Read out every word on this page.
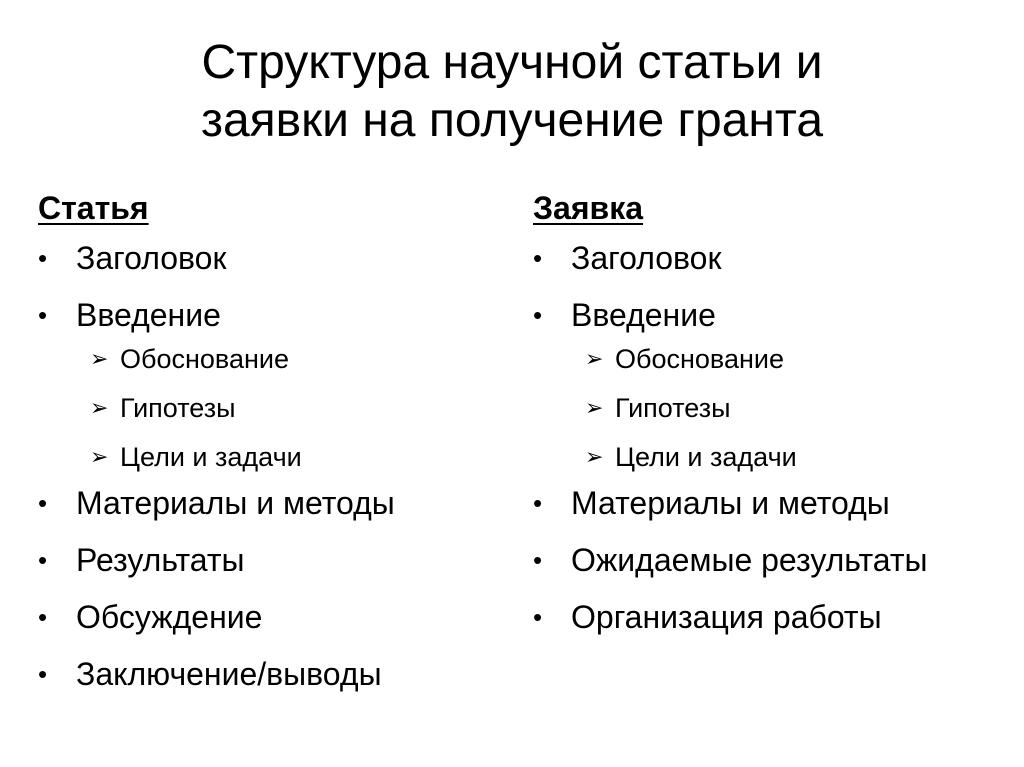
Структура научной статьи и
заявки на получение гранта
Статья
• Заголовок
• Введение
➢ Обоснование
➢ Гипотезы
➢ Цели и задачи
• Материалы и методы
• Результаты
• Обсуждение
• Заключение/выводы
Заявка
• Заголовок
• Введение
➢ Обоснование
➢ Гипотезы
➢ Цели и задачи
• Материалы и методы
• Ожидаемые результаты
• Организация работы
